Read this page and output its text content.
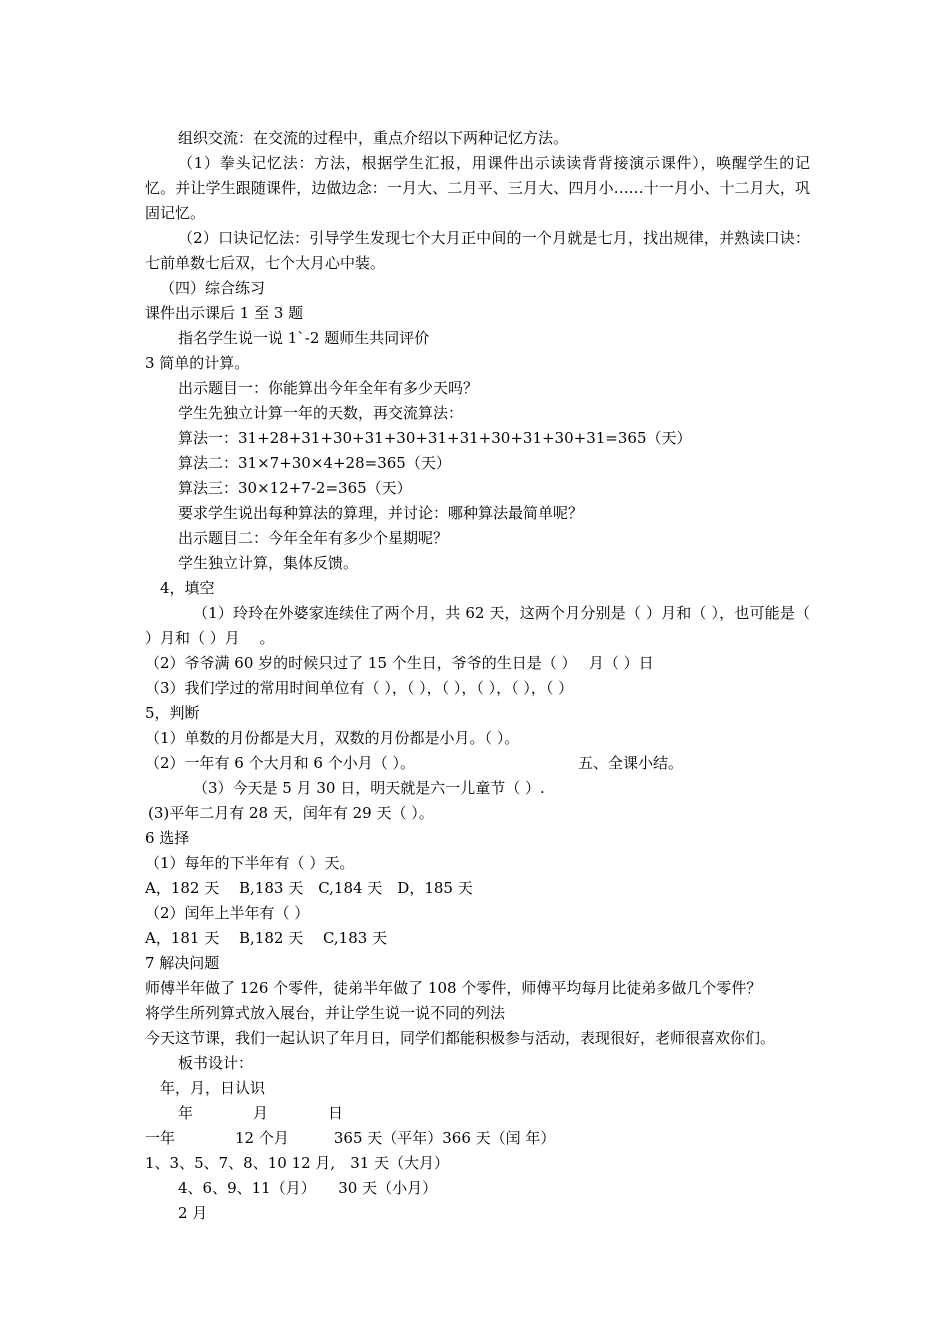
组织交流：在交流的过程中，重点介绍以下两种记忆方法。
（1）拳头记忆法：方法，根据学生汇报，用课件出示读读背背接演示课件），唤醒学生的记忆。并让学生跟随课件，边做边念：一月大、二月平、三月大、四月小……十一月小、十二月大，巩固记忆。
（2）口诀记忆法：引导学生发现七个大月正中间的一个月就是七月，找出规律，并熟读口诀：七前单数七后双，七个大月心中装。
（四）综合练习
课件出示课后 1 至 3 题
指名学生说一说 1`-2 题师生共同评价
3 简单的计算。
出示题目一：你能算出今年全年有多少天吗？
学生先独立计算一年的天数，再交流算法：
算法一：31+28+31+30+31+30+31+31+30+31+30+31=365（天）
算法二：31×7+30×4+28=365（天）
算法三：30×12+7-2=365（天）
要求学生说出每种算法的算理，并讨论：哪种算法最简单呢？
出示题目二：今年全年有多少个星期呢？
学生独立计算，集体反馈。
4，填空
（1）玲玲在外婆家连续住了两个月，共 62 天，这两个月分别是（ ）月和（ ），也可能是（ ）月和（ ）月　 。
（2）爷爷满 60 岁的时候只过了 15 个生日，爷爷的生日是（ ）　 月（ ）日
（3）我们学过的常用时间单位有（ ），（ ），（ ），（ ），（ ），（ ）
5，判断
（1）单数的月份都是大月，双数的月份都是小月。（ ）。
（2）一年有 6 个大月和 6 个小月（ ）。	五、全课小结。
（3）今天是 5 月 30 日，明天就是六一儿童节（ ）.
(3)平年二月有 28 天，闰年有 29 天（ ）。
6 选择
（1）每年的下半年有（ ）天。
A，182 天　 B,183 天　C,184 天　D，185 天
（2）闰年上半年有（ ）
A，181 天　 B,182 天　 C,183 天
7 解决问题
师傅半年做了 126 个零件，徒弟半年做了 108 个零件，师傅平均每月比徒弟多做几个零件？
将学生所列算式放入展台，并让学生说一说不同的列法
今天这节课，我们一起认识了年月日，同学们都能积极参与活动，表现很好，老师很喜欢你们。
板书设计：
年，月，日认识
年　　　　月　　　　日
一年　　　　12 个月　　　365 天（平年）366 天（闰 年）
1、3、5、7、8、10 12 月,　31 天（大月）
4、6、9、11（月）　　30 天（小月）
2 月
